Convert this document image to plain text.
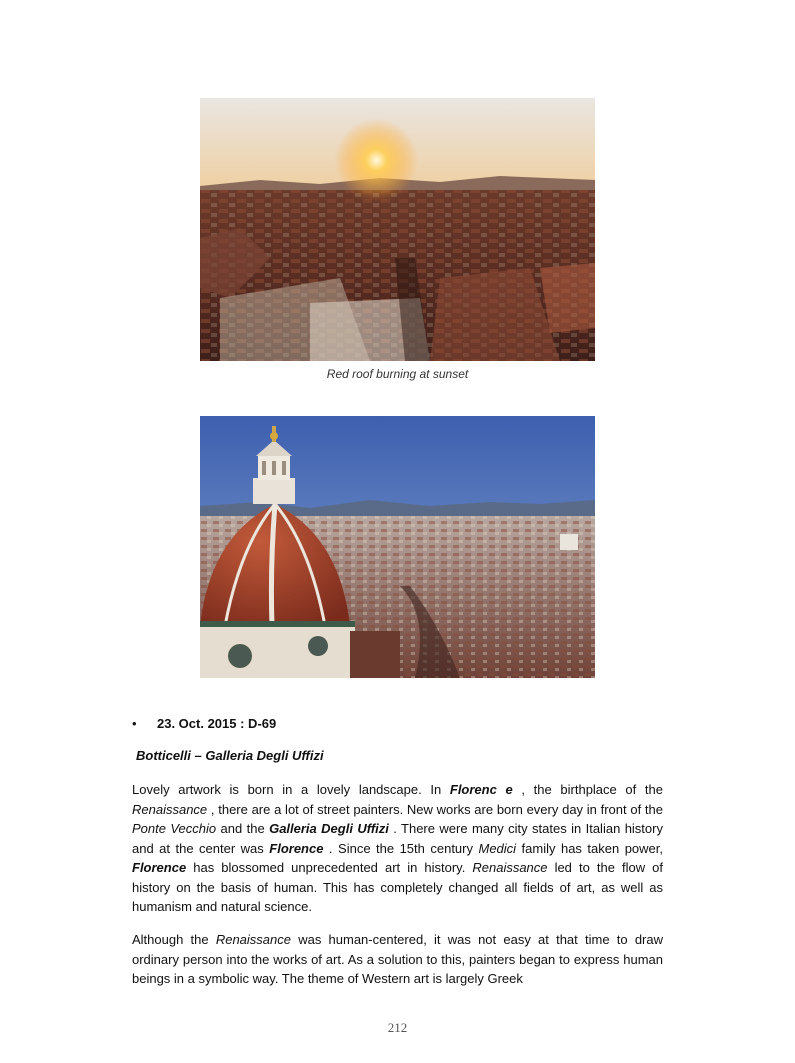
Red roof burning at sunset
• 23. Oct. 2015 : D-69
Botticelli – Galleria Degli Uffizi

Lovely artwork is born in a lovely landscape. In Florenc e , the birthplace of the Renaissance , there are a lot of street painters. New works are born every day in front of the Ponte Vecchio and the Galleria Degli Uffizi . There were many city states in Italian history and at the center was Florence . Since the 15th century Medici family has taken power, Florence has blossomed unprecedented art in history. Renaissance led to the flow of history on the basis of human. This has completely changed all fields of art, as well as humanism and natural science.

Although the Renaissance was human-centered, it was not easy at that time to draw ordinary person into the works of art. As a solution to this, painters began to express human beings in a symbolic way. The theme of Western art is largely Greek

212
